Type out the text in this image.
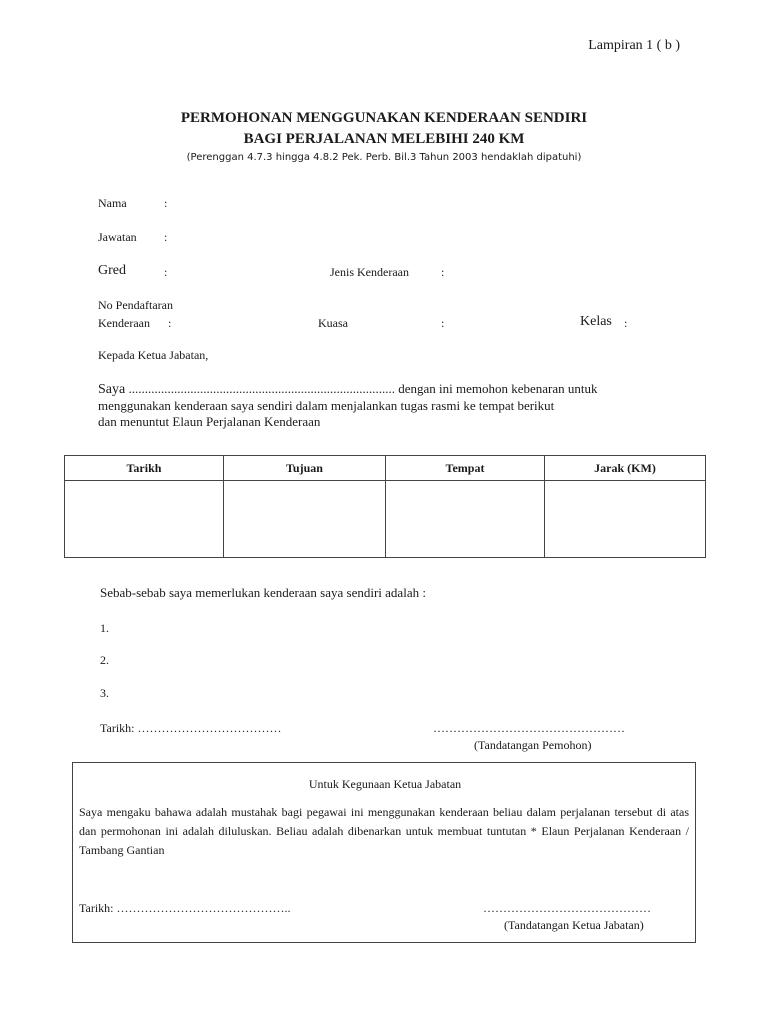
Lampiran 1 ( b )
PERMOHONAN MENGGUNAKAN KENDERAAN SENDIRI
BAGI PERJALANAN MELEBIHI 240 KM
(Perenggan 4.7.3 hingga 4.8.2 Pek. Perb. Bil.3 Tahun 2003 hendaklah dipatuhi)
Nama	:
Jawatan :
Gred	:	Jenis Kenderaan	:
No Pendaftaran
Kenderaan :	Kuasa	:	Kelas :
Kepada Ketua Jabatan,
Saya .................................................................................. dengan ini memohon kebenaran untuk
menggunakan kenderaan saya sendiri dalam menjalankan tugas rasmi ke tempat berikut
dan menuntut Elaun Perjalanan Kenderaan
Tarikh	Tujuan	Tempat	Jarak (KM)

Sebab-sebab saya memerlukan kenderaan saya sendiri adalah :
1.
2.
3.
Tarikh: ………………………………	…………………………………………
(Tandatangan Pemohon)
Untuk Kegunaan Ketua Jabatan
Saya mengaku bahawa adalah mustahak bagi pegawai ini menggunakan kenderaan beliau dalam perjalanan tersebut di atas dan permohonan ini adalah diluluskan. Beliau adalah dibenarkan untuk membuat tuntutan * Elaun Perjalanan Kenderaan / Tambang Gantian
Tarikh: ……………………………………..	……………………………………
(Tandatangan Ketua Jabatan)
